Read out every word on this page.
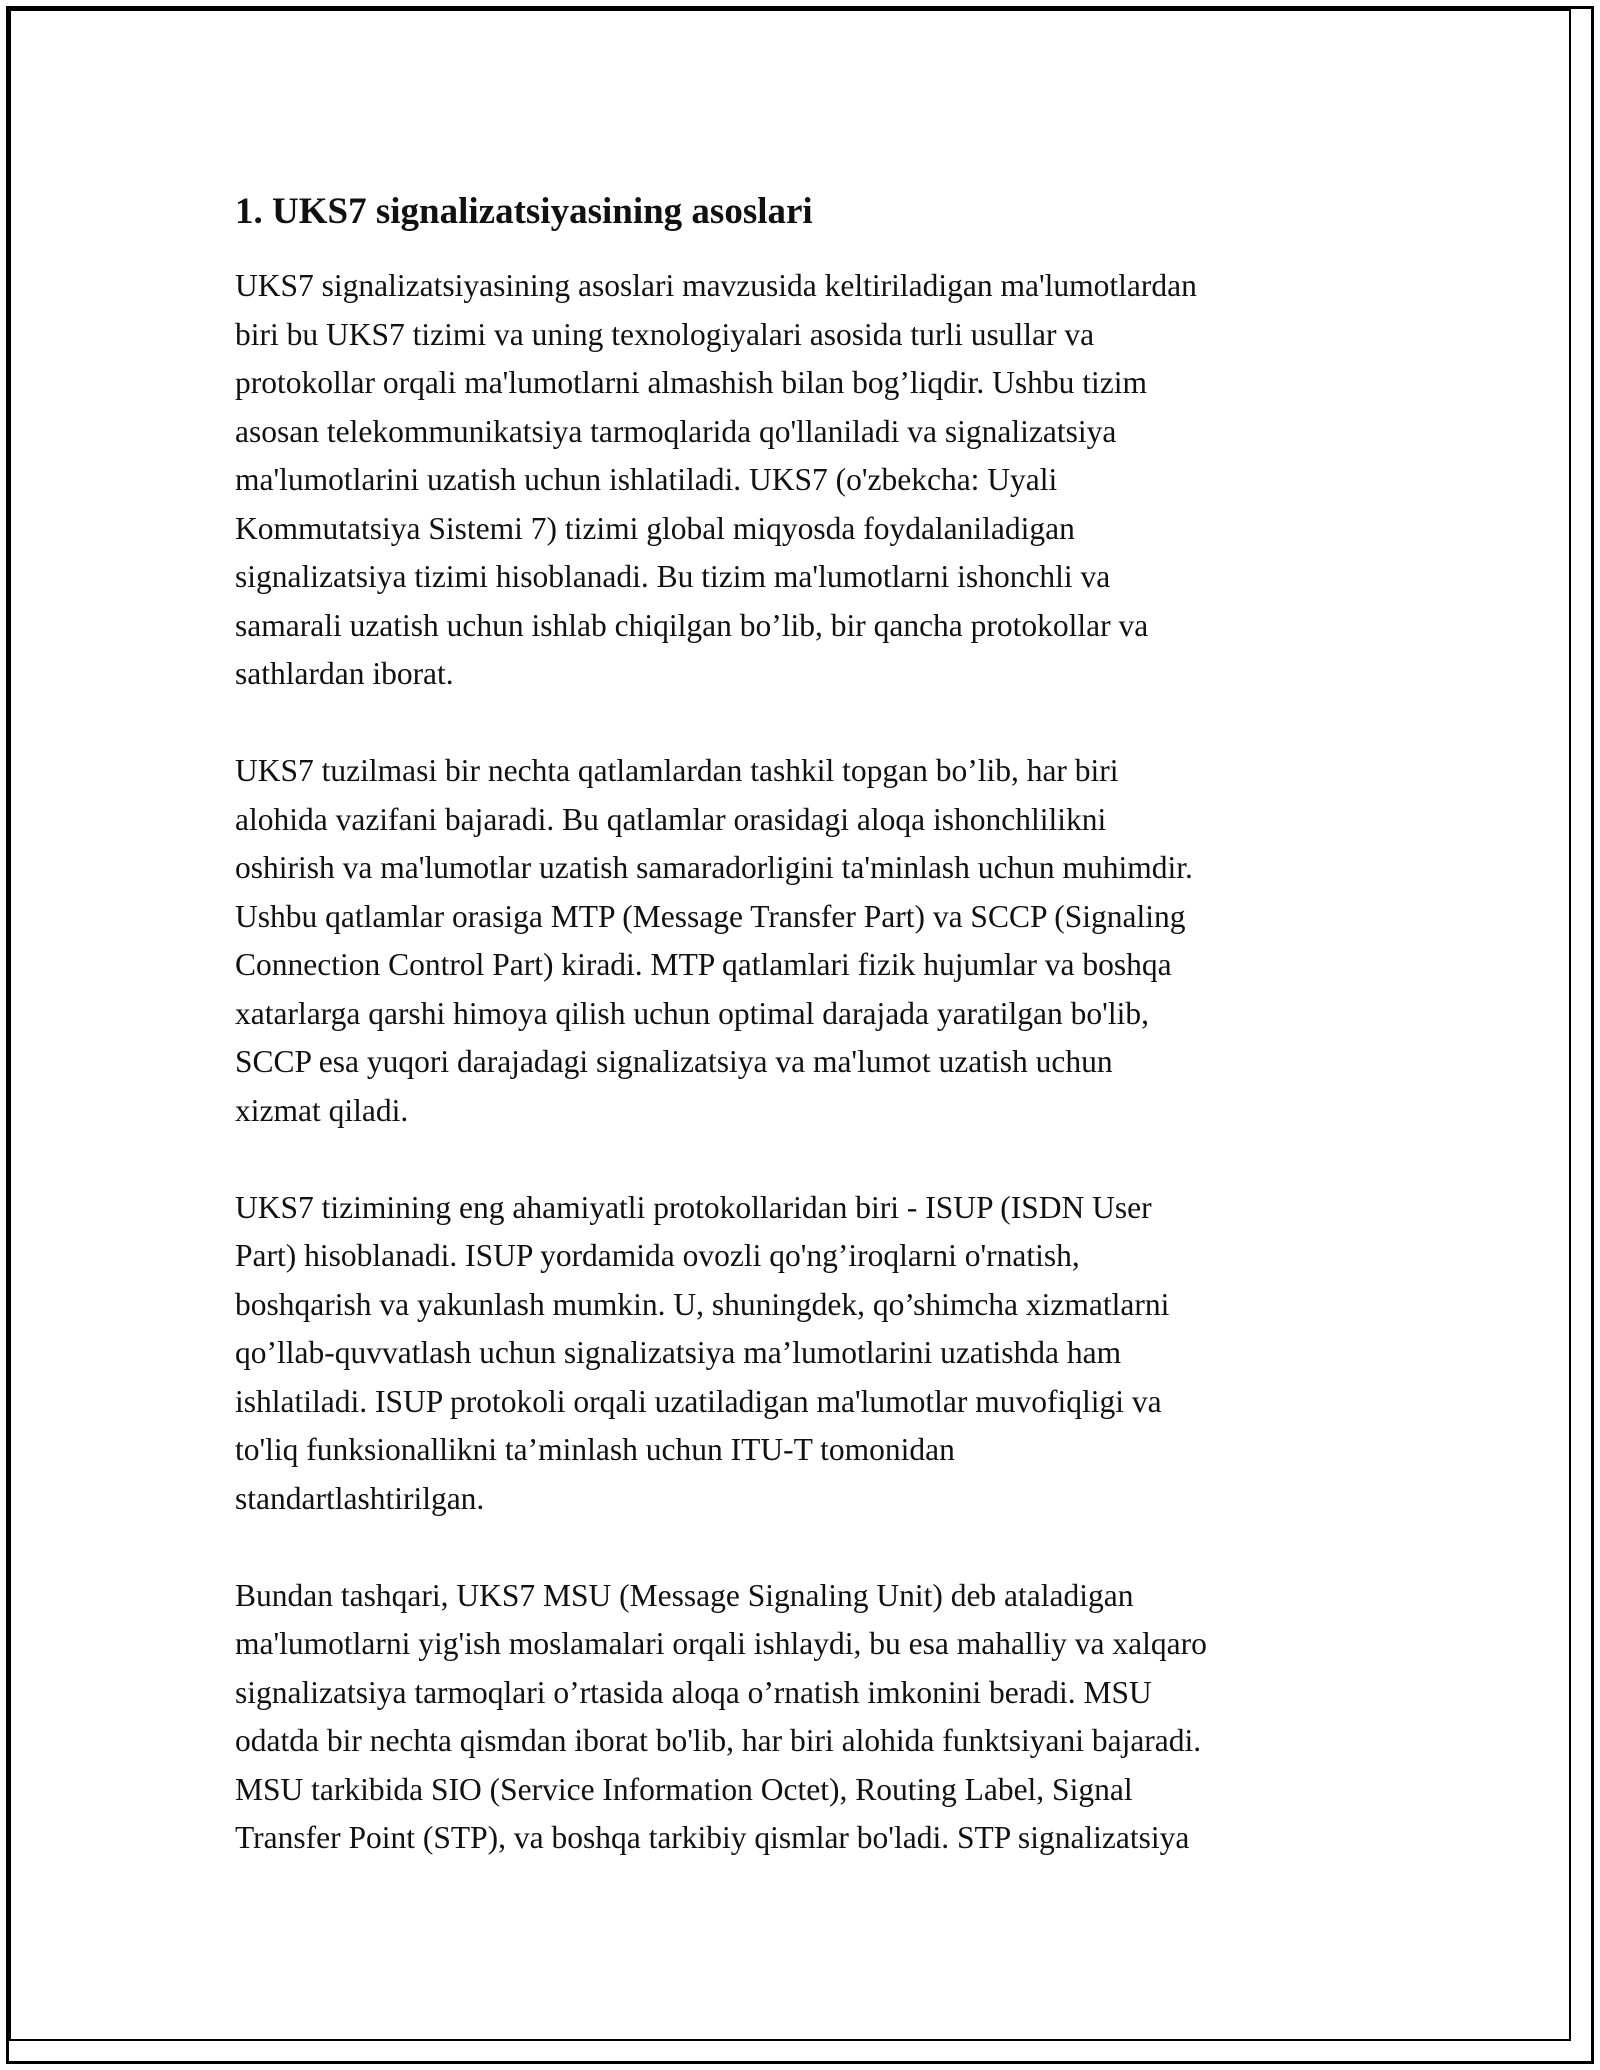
1. UKS7 signalizatsiyasining asoslari

UKS7 signalizatsiyasining asoslari mavzusida keltiriladigan ma'lumotlardan
biri bu UKS7 tizimi va uning texnologiyalari asosida turli usullar va
protokollar orqali ma'lumotlarni almashish bilan bog’liqdir. Ushbu tizim
asosan telekommunikatsiya tarmoqlarida qo'llaniladi va signalizatsiya
ma'lumotlarini uzatish uchun ishlatiladi. UKS7 (o'zbekcha: Uyali
Kommutatsiya Sistemi 7) tizimi global miqyosda foydalaniladigan
signalizatsiya tizimi hisoblanadi. Bu tizim ma'lumotlarni ishonchli va
samarali uzatish uchun ishlab chiqilgan bo’lib, bir qancha protokollar va
sathlardan iborat.

UKS7 tuzilmasi bir nechta qatlamlardan tashkil topgan bo’lib, har biri
alohida vazifani bajaradi. Bu qatlamlar orasidagi aloqa ishonchlilikni
oshirish va ma'lumotlar uzatish samaradorligini ta'minlash uchun muhimdir.
Ushbu qatlamlar orasiga MTP (Message Transfer Part) va SCCP (Signaling
Connection Control Part) kiradi. MTP qatlamlari fizik hujumlar va boshqa
xatarlarga qarshi himoya qilish uchun optimal darajada yaratilgan bo'lib,
SCCP esa yuqori darajadagi signalizatsiya va ma'lumot uzatish uchun
xizmat qiladi.

UKS7 tizimining eng ahamiyatli protokollaridan biri - ISUP (ISDN User
Part) hisoblanadi. ISUP yordamida ovozli qo'ng’iroqlarni o'rnatish,
boshqarish va yakunlash mumkin. U, shuningdek, qo’shimcha xizmatlarni
qo’llab-quvvatlash uchun signalizatsiya ma’lumotlarini uzatishda ham
ishlatiladi. ISUP protokoli orqali uzatiladigan ma'lumotlar muvofiqligi va
to'liq funksionallikni ta’minlash uchun ITU-T tomonidan
standartlashtirilgan.

Bundan tashqari, UKS7 MSU (Message Signaling Unit) deb ataladigan
ma'lumotlarni yig'ish moslamalari orqali ishlaydi, bu esa mahalliy va xalqaro
signalizatsiya tarmoqlari o’rtasida aloqa o’rnatish imkonini beradi. MSU
odatda bir nechta qismdan iborat bo'lib, har biri alohida funktsiyani bajaradi.
MSU tarkibida SIO (Service Information Octet), Routing Label, Signal
Transfer Point (STP), va boshqa tarkibiy qismlar bo'ladi. STP signalizatsiya
